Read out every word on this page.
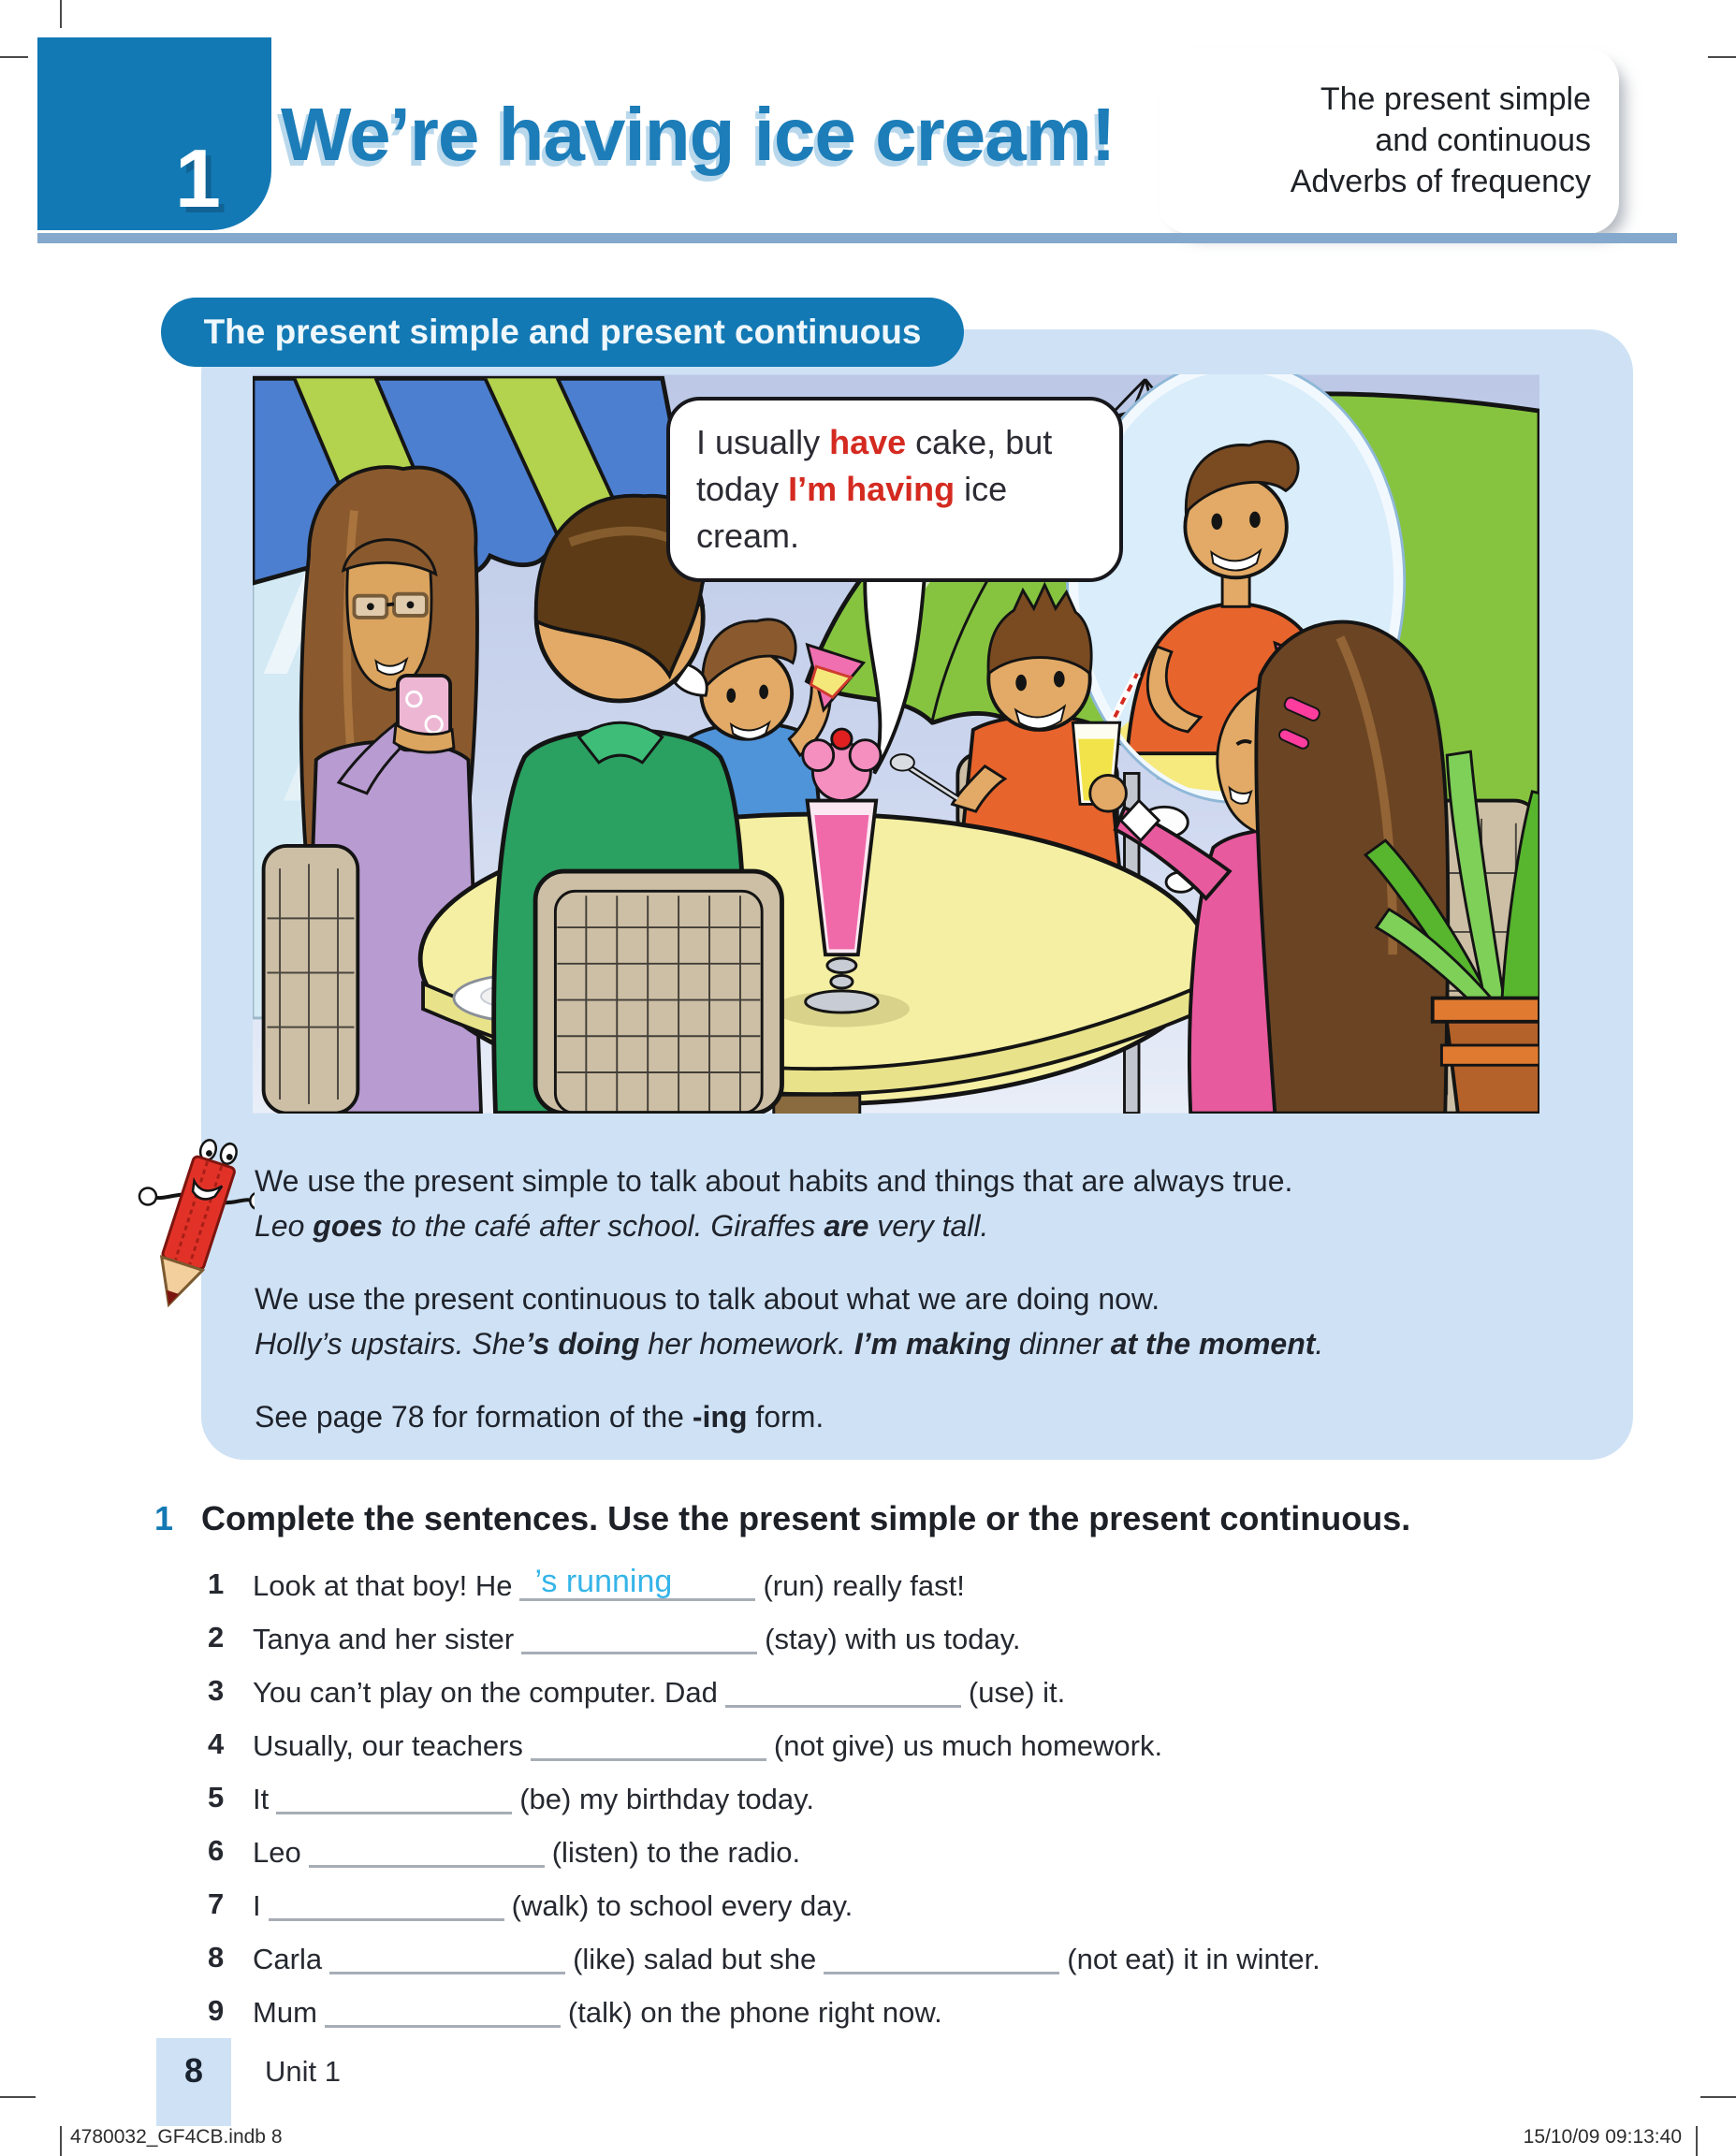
1 We’re having ice cream!	The present simple
and continuous
Adverbs of frequency
The present simple and present continuous
I usually have cake, but
today I’m having ice cream.

We use the present simple to talk about habits and things that are always true.

Leo goes to the café after school. Giraffes are very tall.

We use the present continuous to talk about what we are doing now.

Holly’s upstairs. She’s doing her homework. I’m making dinner at the moment.

See page 78 for formation of the -ing form.

1 Complete the sentences. Use the present simple or the present continuous.
1 Look at that boy! He ’s running	(run) really fast!
2 Tanya and her sister	(stay) with us today.
3 You can’t play on the computer. Dad	(use) it.
4 Usually, our teachers	(not give) us much homework.
5 It	(be) my birthday today.
6 Leo	(listen) to the radio.
7 I	(walk) to school every day.
8 Carla	(like) salad but she	(not eat) it in winter.
9 Mum	(talk) on the phone right now.
8	Unit 1
4780032_GF4CB.indb 8	15/10/09 09:13:40
